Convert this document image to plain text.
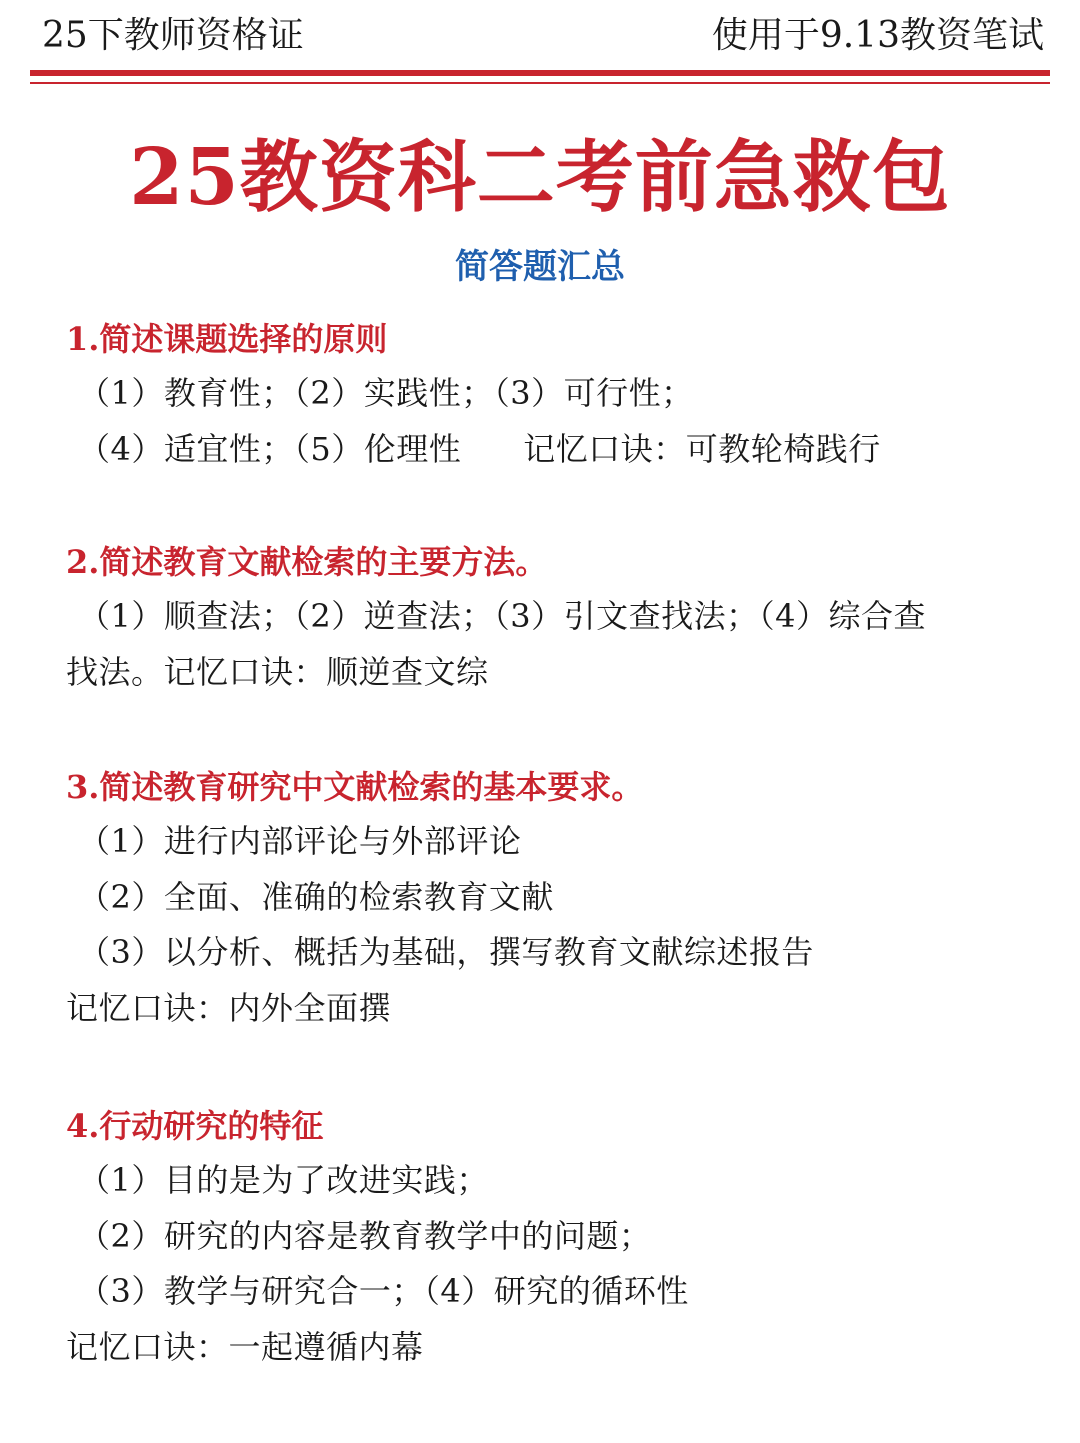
25下教师资格证	使用于9.13教资笔试
25教资科二考前急救包
简答题汇总
1.简述课题选择的原则
（1）教育性；（2）实践性；（3）可行性；
（4）适宜性；（5）伦理性 记忆口诀：可教轮椅践行
2.简述教育文献检索的主要方法。
（1）顺查法；（2）逆查法；（3）引文查找法；（4）综合查
找法。记忆口诀：顺逆查文综
3.简述教育研究中文献检索的基本要求。
（1）进行内部评论与外部评论
（2）全面、准确的检索教育文献
（3）以分析、概括为基础，撰写教育文献综述报告
记忆口诀：内外全面撰
4.行动研究的特征
（1）目的是为了改进实践；
（2）研究的内容是教育教学中的问题；
（3）教学与研究合一；（4）研究的循环性
记忆口诀：一起遵循内幕
